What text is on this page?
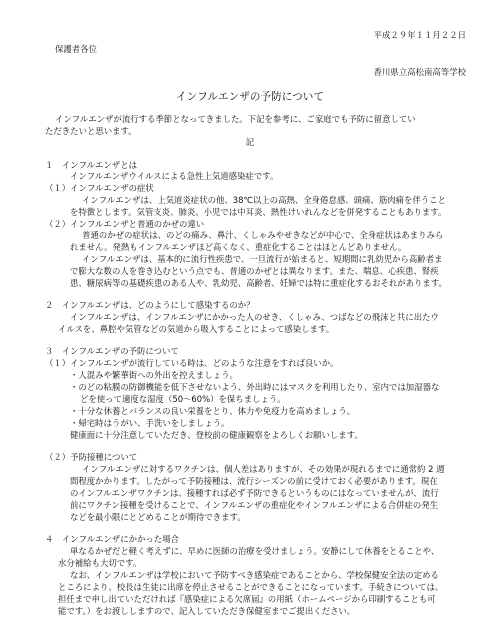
平成２９年１１月２２日
保護者各位
香川県立高松南高等学校
インフルエンザの予防について
インフルエンザが流行する季節となってきました。下記を参考に、ご家庭でも予防に留意してい
ただきたいと思います。
記
１　インフルエンザとは
インフルエンザウイルスによる急性上気道感染症です。
（１）インフルエンザの症状
インフルエンザは、上気道炎症状の他、38℃以上の高熱、全身倦怠感、頭痛、筋肉痛を伴うこと
を特徴とします。気管支炎、肺炎、小児では中耳炎、熱性けいれんなどを併発することもあります。
（２）インフルエンザと普通のかぜの違い
普通のかぜの症状は、のどの痛み、鼻汁、くしゃみやせきなどが中心で、全身症状はあまりみら
れません。発熱もインフルエンザほど高くなく、重症化することはほとんどありません。
インフルエンザは、基本的に流行性疾患で、一旦流行が始まると、短期間に乳幼児から高齢者ま
で膨大な数の人を巻き込むという点でも、普通のかぜとは異なります。また、喘息、心疾患、腎疾
患、糖尿病等の基礎疾患のある人や、乳幼児、高齢者、妊婦では特に重症化するおそれがあります。
２　インフルエンザは、どのようにして感染するのか？
インフルエンザは、インフルエンザにかかった人のせき、くしゃみ、つばなどの飛沫と共に出たウ
イルスを、鼻腔や気管などの気道から吸入することによって感染します。
３　インフルエンザの予防について
（１）インフルエンザが流行している時は、どのような注意をすれば良いか。
・人混みや繁華街への外出を控えましょう。
・のどの粘膜の防御機能を低下させないよう、外出時にはマスクを利用したり、室内では加湿器な
どを使って適度な湿度（50～60%）を保ちましょう。
・十分な休養とバランスの良い栄養をとり、体力や免疫力を高めましょう。
・帰宅時はうがい、手洗いをしましょう。
健康面に十分注意していただき、登校前の健康観察をよろしくお願いします。
（２）予防接種について
インフルエンザに対するワクチンは、個人差はありますが、その効果が現れるまでに通常約 2 週
間程度かかります。したがって予防接種は、流行シーズンの前に受けておく必要があります。現在
のインフルエンザワクチンは、接種すれば必ず予防できるというものにはなっていませんが、流行
前にワクチン接種を受けることで、インフルエンザの重症化やインフルエンザによる合併症の発生
などを最小限にとどめることが期待できます。
４　インフルエンザにかかった場合
単なるかぜだと軽く考えずに、早めに医師の治療を受けましょう。安静にして休養をとることや、
水分補給も大切です。
なお、インフルエンザは学校において予防すべき感染症であることから、学校保健安全法の定める
ところにより、校長は生徒に出席を停止させることができることになっています。手続きについては、
担任まで申し出ていただければ『感染症による欠席届』の用紙（ホームページから印刷することも可
能です。）をお渡ししますので、記入していただき保健室までご提出ください。
